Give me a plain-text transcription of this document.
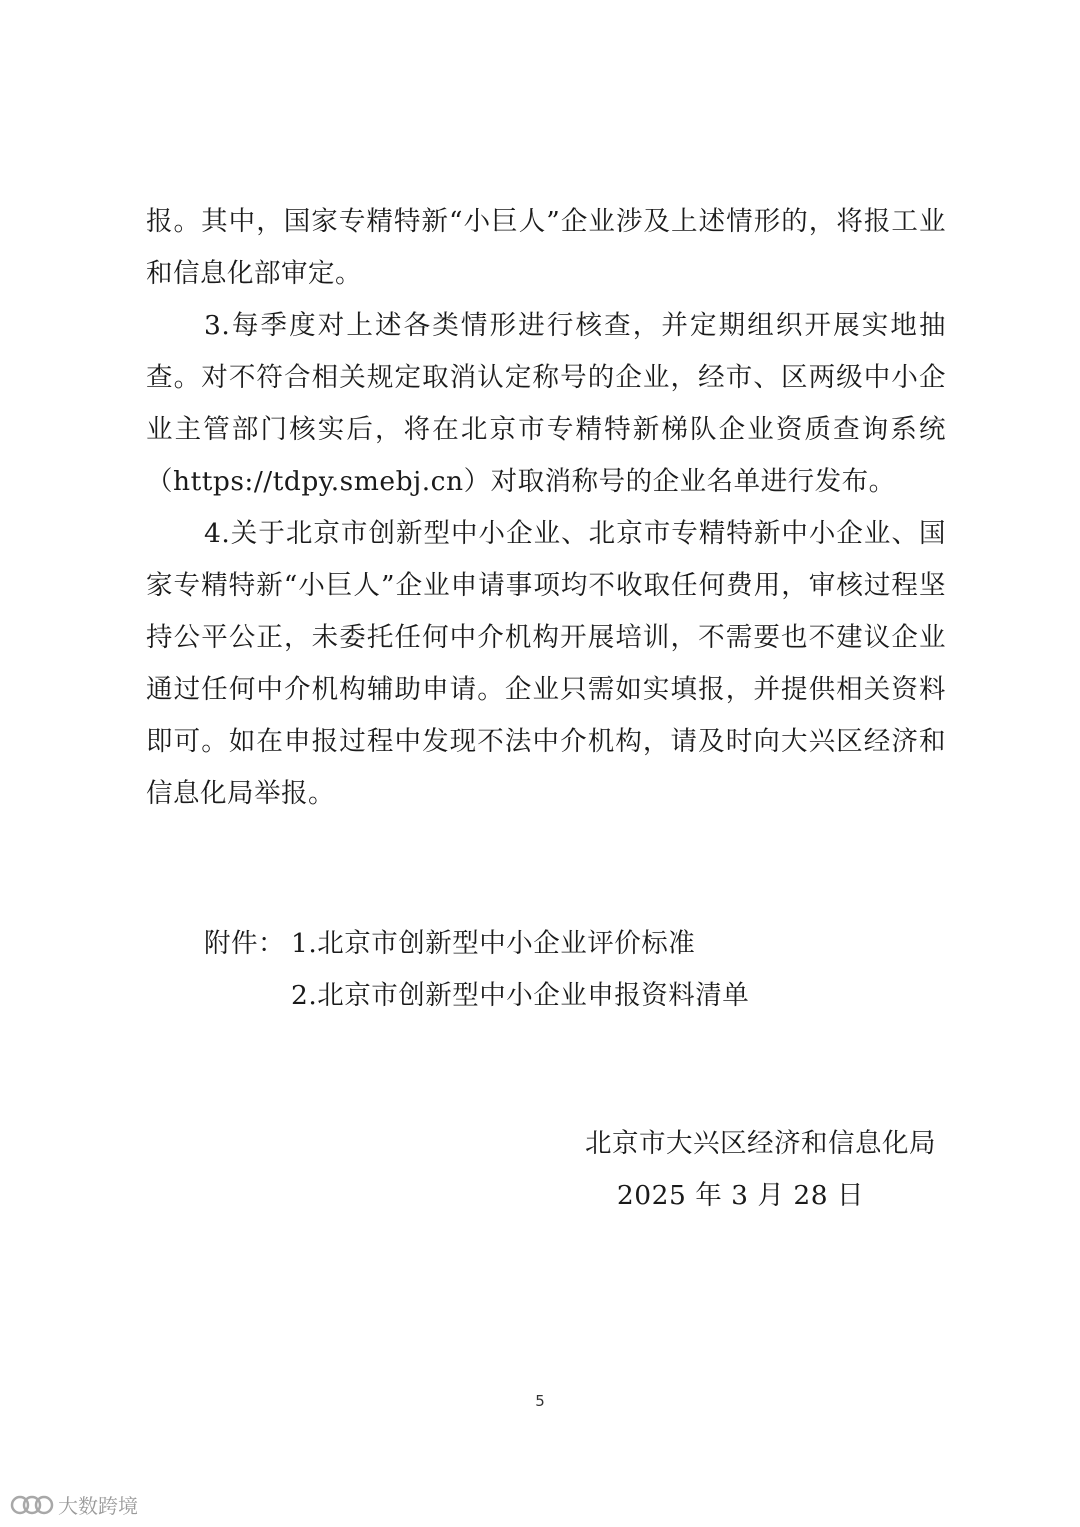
报。其中，国家专精特新“小巨人”企业涉及上述情形的，将报工业和信息化部审定。

3.每季度对上述各类情形进行核查，并定期组织开展实地抽查。对不符合相关规定取消认定称号的企业，经市、区两级中小企业主管部门核实后，将在北京市专精特新梯队企业资质查询系统（https://tdpy.smebj.cn）对取消称号的企业名单进行发布。

4.关于北京市创新型中小企业、北京市专精特新中小企业、国家专精特新“小巨人”企业申请事项均不收取任何费用，审核过程坚持公平公正，未委托任何中介机构开展培训，不需要也不建议企业通过任何中介机构辅助申请。企业只需如实填报，并提供相关资料即可。如在申报过程中发现不法中介机构，请及时向大兴区经济和信息化局举报。

附件： 1.北京市创新型中小企业评价标准
2.北京市创新型中小企业申报资料清单
北京市大兴区经济和信息化局
2025 年 3 月 28 日
5
大数跨境
